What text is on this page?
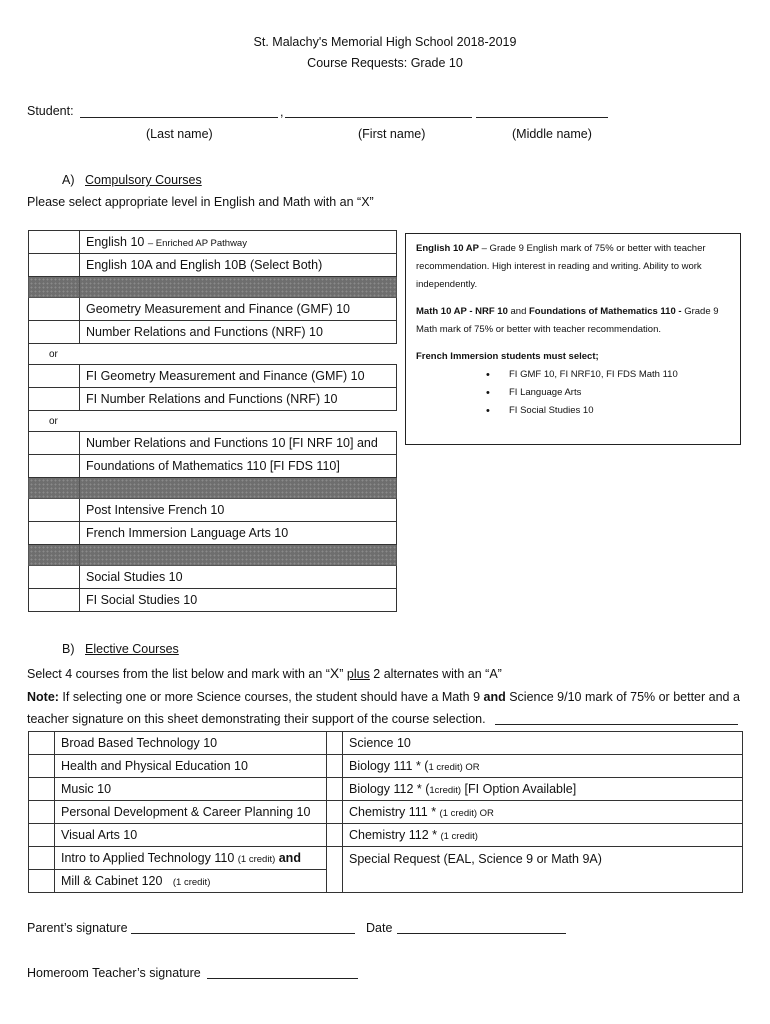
St. Malachy's Memorial High School 2018-2019
Course Requests: Grade 10
Student:	,
(Last name)	(First name)	(Middle name)
A) Compulsory Courses
Please select appropriate level in English and Math with an “X”
	English 10 – Enriched AP Pathway
	English 10A and English 10B (Select Both)

	Geometry Measurement and Finance (GMF) 10
	Number Relations and Functions (NRF) 10
or	
	FI Geometry Measurement and Finance (GMF) 10
	FI Number Relations and Functions (NRF) 10
or	
	Number Relations and Functions 10 [FI NRF 10] and
	Foundations of Mathematics 110 [FI FDS 110]

	Post Intensive French 10
	French Immersion Language Arts 10

	Social Studies 10
	FI Social Studies 10

English 10 AP – Grade 9 English mark of 75% or better with teacher recommendation. High interest in reading and writing. Ability to work independently.

Math 10 AP - NRF 10 and Foundations of Mathematics 110 - Grade 9 Math mark of 75% or better with teacher recommendation.

French Immersion students must select;

• FI GMF 10, FI NRF10, FI FDS Math 110
• FI Language Arts
• FI Social Studies 10
B) Elective Courses
Select 4 courses from the list below and mark with an “X” plus 2 alternates with an “A”
Note: If selecting one or more Science courses, the student should have a Math 9 and Science 9/10 mark of 75% or better and a
teacher signature on this sheet demonstrating their support of the course selection.
	Broad Based Technology 10		Science 10
	Health and Physical Education 10		Biology 111 * (1 credit) OR
	Music 10		Biology 112 * (1credit) [FI Option Available]
	Personal Development & Career Planning 10		Chemistry 111 * (1 credit) OR
	Visual Arts 10		Chemistry 112 * (1 credit)
	Intro to Applied Technology 110 (1 credit) and		Special Request (EAL, Science 9 or Math 9A)
	Mill & Cabinet 120 (1 credit)		
Parent’s signature	Date
Homeroom Teacher’s signature
